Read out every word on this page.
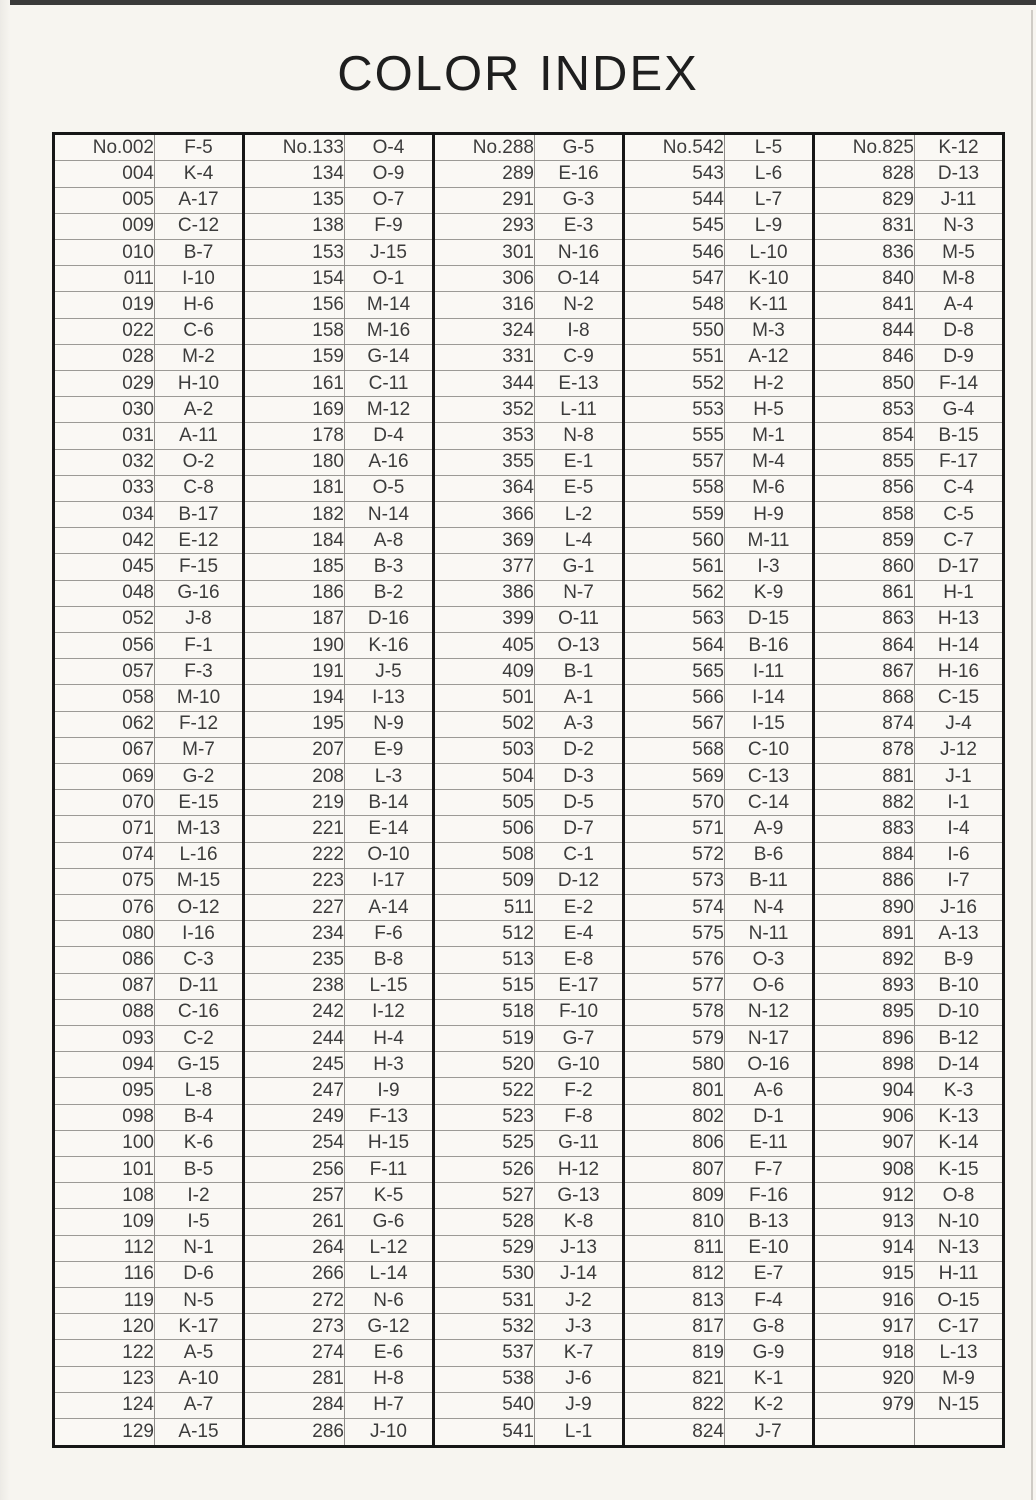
COLOR INDEX
No.002	F-5	No.133	O-4	No.288	G-5	No.542	L-5	No.825	K-12
004	K-4	134	O-9	289	E-16	543	L-6	828	D-13
005	A-17	135	O-7	291	G-3	544	L-7	829	J-11
009	C-12	138	F-9	293	E-3	545	L-9	831	N-3
010	B-7	153	J-15	301	N-16	546	L-10	836	M-5
011	I-10	154	O-1	306	O-14	547	K-10	840	M-8
019	H-6	156	M-14	316	N-2	548	K-11	841	A-4
022	C-6	158	M-16	324	I-8	550	M-3	844	D-8
028	M-2	159	G-14	331	C-9	551	A-12	846	D-9
029	H-10	161	C-11	344	E-13	552	H-2	850	F-14
030	A-2	169	M-12	352	L-11	553	H-5	853	G-4
031	A-11	178	D-4	353	N-8	555	M-1	854	B-15
032	O-2	180	A-16	355	E-1	557	M-4	855	F-17
033	C-8	181	O-5	364	E-5	558	M-6	856	C-4
034	B-17	182	N-14	366	L-2	559	H-9	858	C-5
042	E-12	184	A-8	369	L-4	560	M-11	859	C-7
045	F-15	185	B-3	377	G-1	561	I-3	860	D-17
048	G-16	186	B-2	386	N-7	562	K-9	861	H-1
052	J-8	187	D-16	399	O-11	563	D-15	863	H-13
056	F-1	190	K-16	405	O-13	564	B-16	864	H-14
057	F-3	191	J-5	409	B-1	565	I-11	867	H-16
058	M-10	194	I-13	501	A-1	566	I-14	868	C-15
062	F-12	195	N-9	502	A-3	567	I-15	874	J-4
067	M-7	207	E-9	503	D-2	568	C-10	878	J-12
069	G-2	208	L-3	504	D-3	569	C-13	881	J-1
070	E-15	219	B-14	505	D-5	570	C-14	882	I-1
071	M-13	221	E-14	506	D-7	571	A-9	883	I-4
074	L-16	222	O-10	508	C-1	572	B-6	884	I-6
075	M-15	223	I-17	509	D-12	573	B-11	886	I-7
076	O-12	227	A-14	511	E-2	574	N-4	890	J-16
080	I-16	234	F-6	512	E-4	575	N-11	891	A-13
086	C-3	235	B-8	513	E-8	576	O-3	892	B-9
087	D-11	238	L-15	515	E-17	577	O-6	893	B-10
088	C-16	242	I-12	518	F-10	578	N-12	895	D-10
093	C-2	244	H-4	519	G-7	579	N-17	896	B-12
094	G-15	245	H-3	520	G-10	580	O-16	898	D-14
095	L-8	247	I-9	522	F-2	801	A-6	904	K-3
098	B-4	249	F-13	523	F-8	802	D-1	906	K-13
100	K-6	254	H-15	525	G-11	806	E-11	907	K-14
101	B-5	256	F-11	526	H-12	807	F-7	908	K-15
108	I-2	257	K-5	527	G-13	809	F-16	912	O-8
109	I-5	261	G-6	528	K-8	810	B-13	913	N-10
112	N-1	264	L-12	529	J-13	811	E-10	914	N-13
116	D-6	266	L-14	530	J-14	812	E-7	915	H-11
119	N-5	272	N-6	531	J-2	813	F-4	916	O-15
120	K-17	273	G-12	532	J-3	817	G-8	917	C-17
122	A-5	274	E-6	537	K-7	819	G-9	918	L-13
123	A-10	281	H-8	538	J-6	821	K-1	920	M-9
124	A-7	284	H-7	540	J-9	822	K-2	979	N-15
129	A-15	286	J-10	541	L-1	824	J-7		
